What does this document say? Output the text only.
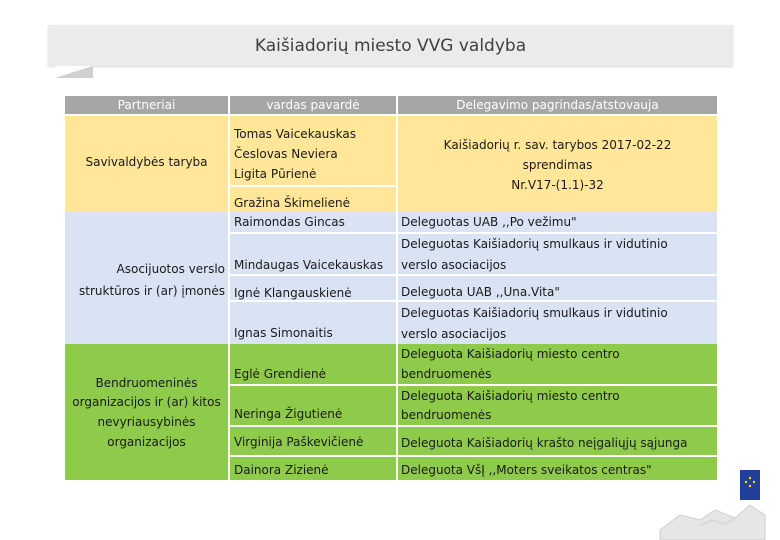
Kaišiadorių miesto VVG valdyba
Partneriai	vardas pavardė	Delegavimo pagrindas/atstovauja
Savivaldybės taryba
Tomas Vaicekauskas
Česlovas Neviera
Ligita Pūrienė
Gražina Škimelienė
Kaišiadorių r. sav. tarybos 2017-02-22
sprendimas
Nr.V17-(1.1)-32
Asocijuotos verslo
struktūros ir (ar) įmonės
Raimondas Gincas
Mindaugas Vaicekauskas
Ignė Klangauskienė
Ignas Simonaitis
Deleguotas UAB ,,Po vežimu"
Deleguotas Kaišiadorių smulkaus ir vidutinio
verslo asociacijos
Deleguota UAB ,,Una.Vita"
Deleguotas Kaišiadorių smulkaus ir vidutinio
verslo asociacijos
Bendruomeninės
organizacijos ir (ar) kitos
nevyriausybinės
organizacijos
Eglė Grendienė
Neringa Žigutienė
Virginija Paškevičienė
Dainora Zizienė
Deleguota Kaišiadorių miesto centro
bendruomenės
Deleguota Kaišiadorių miesto centro
bendruomenės
Deleguota Kaišiadorių krašto neįgaliųjų sąjunga
Deleguota VšĮ ,,Moters sveikatos centras"
